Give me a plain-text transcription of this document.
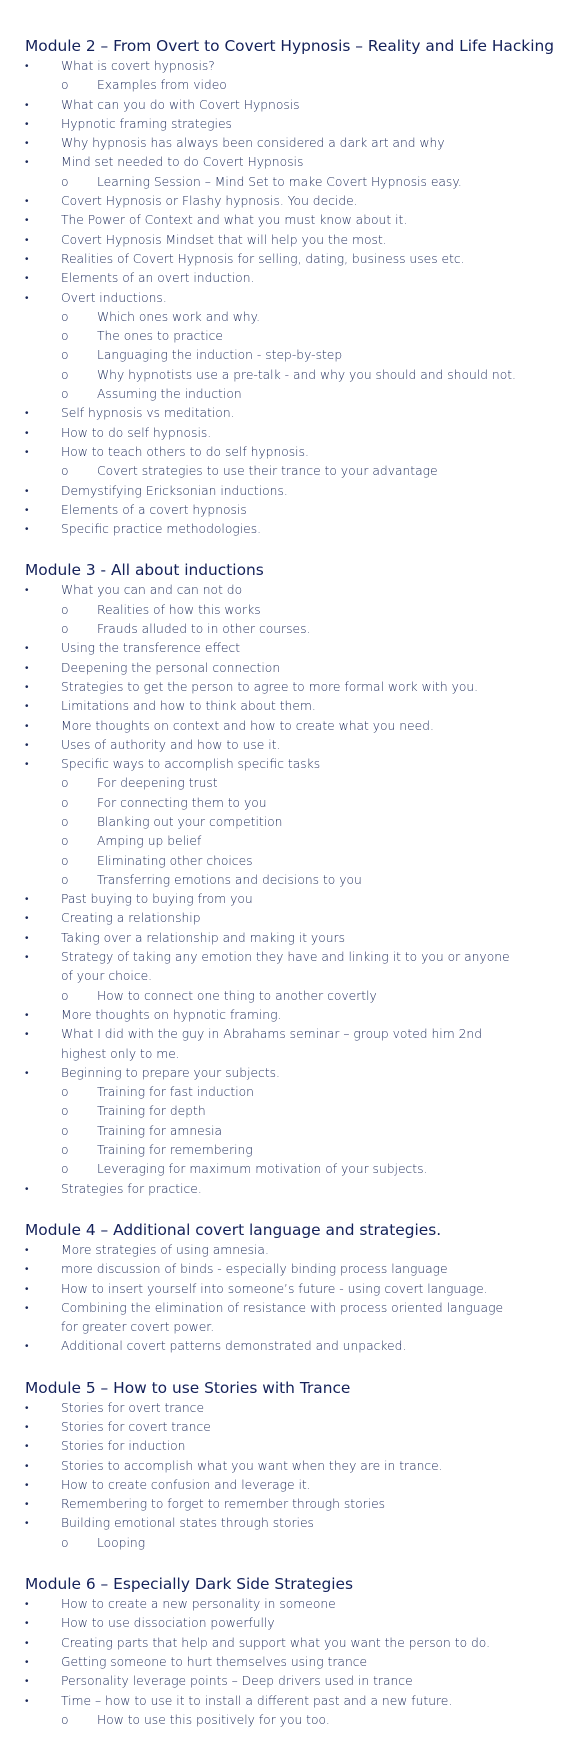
Module 2 – From Overt to Covert Hypnosis – Reality and Life Hacking
• What is covert hypnosis?
o Examples from video
• What can you do with Covert Hypnosis
• Hypnotic framing strategies
• Why hypnosis has always been considered a dark art and why
• Mind set needed to do Covert Hypnosis
o Learning Session – Mind Set to make Covert Hypnosis easy.
• Covert Hypnosis or Flashy hypnosis. You decide.
• The Power of Context and what you must know about it.
• Covert Hypnosis Mindset that will help you the most.
• Realities of Covert Hypnosis for selling, dating, business uses etc.
• Elements of an overt induction.
• Overt inductions.
o Which ones work and why.
o The ones to practice
o Languaging the induction - step-by-step
o Why hypnotists use a pre-talk - and why you should and should not.
o Assuming the induction
• Self hypnosis vs meditation.
• How to do self hypnosis.
• How to teach others to do self hypnosis.
o Covert strategies to use their trance to your advantage
• Demystifying Ericksonian inductions.
• Elements of a covert hypnosis
• Specific practice methodologies.
Module 3 - All about inductions
• What you can and can not do
o Realities of how this works
o Frauds alluded to in other courses.
• Using the transference effect
• Deepening the personal connection
• Strategies to get the person to agree to more formal work with you.
• Limitations and how to think about them.
• More thoughts on context and how to create what you need.
• Uses of authority and how to use it.
• Specific ways to accomplish specific tasks
o For deepening trust
o For connecting them to you
o Blanking out your competition
o Amping up belief
o Eliminating other choices
o Transferring emotions and decisions to you
• Past buying to buying from you
• Creating a relationship
• Taking over a relationship and making it yours
• Strategy of taking any emotion they have and linking it to you or anyone of your choice.
o How to connect one thing to another covertly
• More thoughts on hypnotic framing.
• What I did with the guy in Abrahams seminar – group voted him 2nd highest only to me.
• Beginning to prepare your subjects.
o Training for fast induction
o Training for depth
o Training for amnesia
o Training for remembering
o Leveraging for maximum motivation of your subjects.
• Strategies for practice.
Module 4 – Additional covert language and strategies.
• More strategies of using amnesia.
• more discussion of binds - especially binding process language
• How to insert yourself into someone’s future - using covert language.
• Combining the elimination of resistance with process oriented language for greater covert power.
• Additional covert patterns demonstrated and unpacked.
Module 5 – How to use Stories with Trance
• Stories for overt trance
• Stories for covert trance
• Stories for induction
• Stories to accomplish what you want when they are in trance.
• How to create confusion and leverage it.
• Remembering to forget to remember through stories
• Building emotional states through stories
o Looping
Module 6 – Especially Dark Side Strategies
• How to create a new personality in someone
• How to use dissociation powerfully
• Creating parts that help and support what you want the person to do.
• Getting someone to hurt themselves using trance
• Personality leverage points – Deep drivers used in trance
• Time – how to use it to install a different past and a new future.
o How to use this positively for you too.
